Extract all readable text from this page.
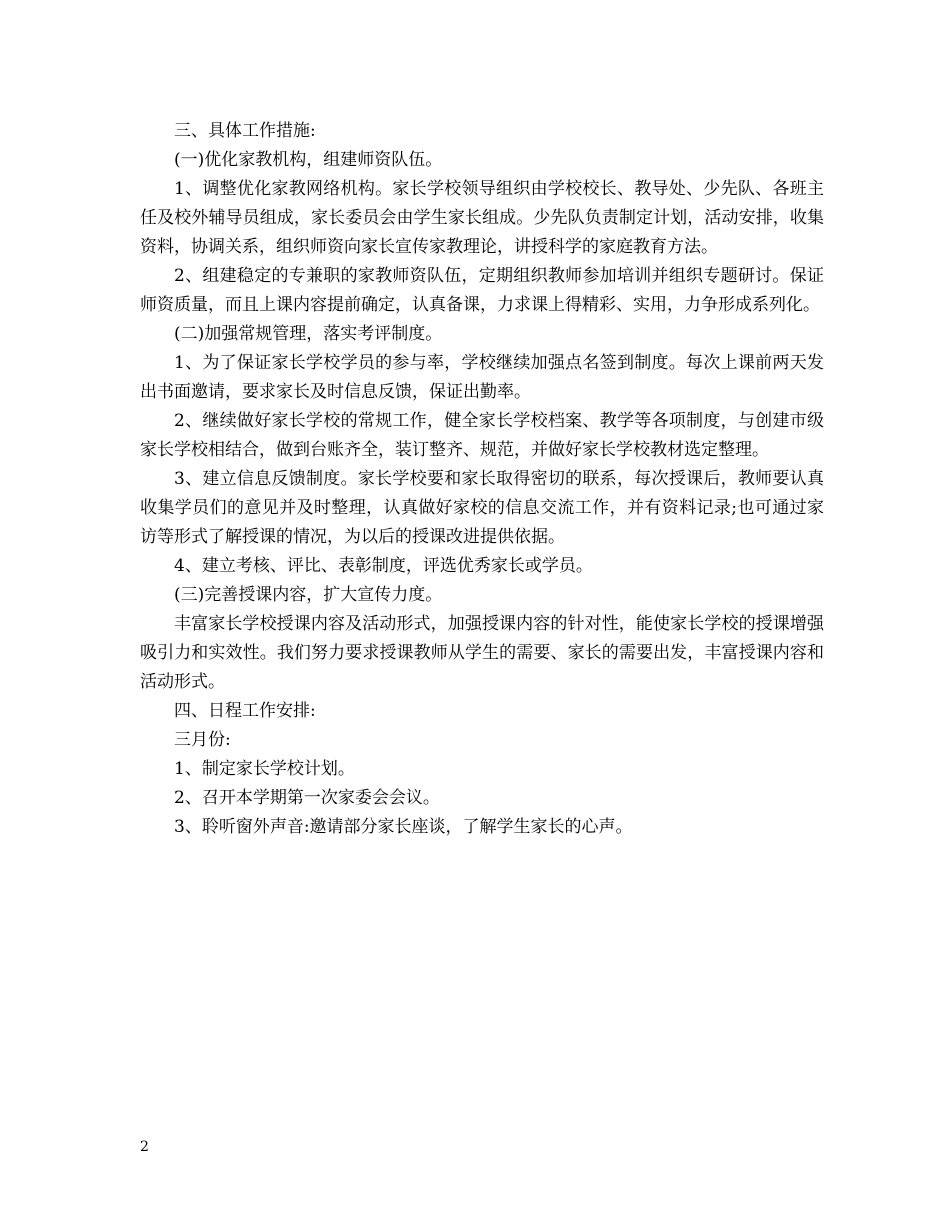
三、具体工作措施:

(一)优化家教机构，组建师资队伍。

1、调整优化家教网络机构。家长学校领导组织由学校校长、教导处、少先队、各班主任及校外辅导员组成，家长委员会由学生家长组成。少先队负责制定计划，活动安排，收集资料，协调关系，组织师资向家长宣传家教理论，讲授科学的家庭教育方法。

2、组建稳定的专兼职的家教师资队伍，定期组织教师参加培训并组织专题研讨。保证师资质量，而且上课内容提前确定，认真备课，力求课上得精彩、实用，力争形成系列化。

(二)加强常规管理，落实考评制度。

1、为了保证家长学校学员的参与率，学校继续加强点名签到制度。每次上课前两天发出书面邀请，要求家长及时信息反馈，保证出勤率。

2、继续做好家长学校的常规工作，健全家长学校档案、教学等各项制度，与创建市级家长学校相结合，做到台账齐全，装订整齐、规范，并做好家长学校教材选定整理。

3、建立信息反馈制度。家长学校要和家长取得密切的联系，每次授课后，教师要认真收集学员们的意见并及时整理，认真做好家校的信息交流工作，并有资料记录;也可通过家访等形式了解授课的情况，为以后的授课改进提供依据。

4、建立考核、评比、表彰制度，评选优秀家长或学员。

(三)完善授课内容，扩大宣传力度。

丰富家长学校授课内容及活动形式，加强授课内容的针对性，能使家长学校的授课增强吸引力和实效性。我们努力要求授课教师从学生的需要、家长的需要出发，丰富授课内容和活动形式。

四、日程工作安排:

三月份:

1、制定家长学校计划。

2、召开本学期第一次家委会会议。

3、聆听窗外声音:邀请部分家长座谈，了解学生家长的心声。

2
